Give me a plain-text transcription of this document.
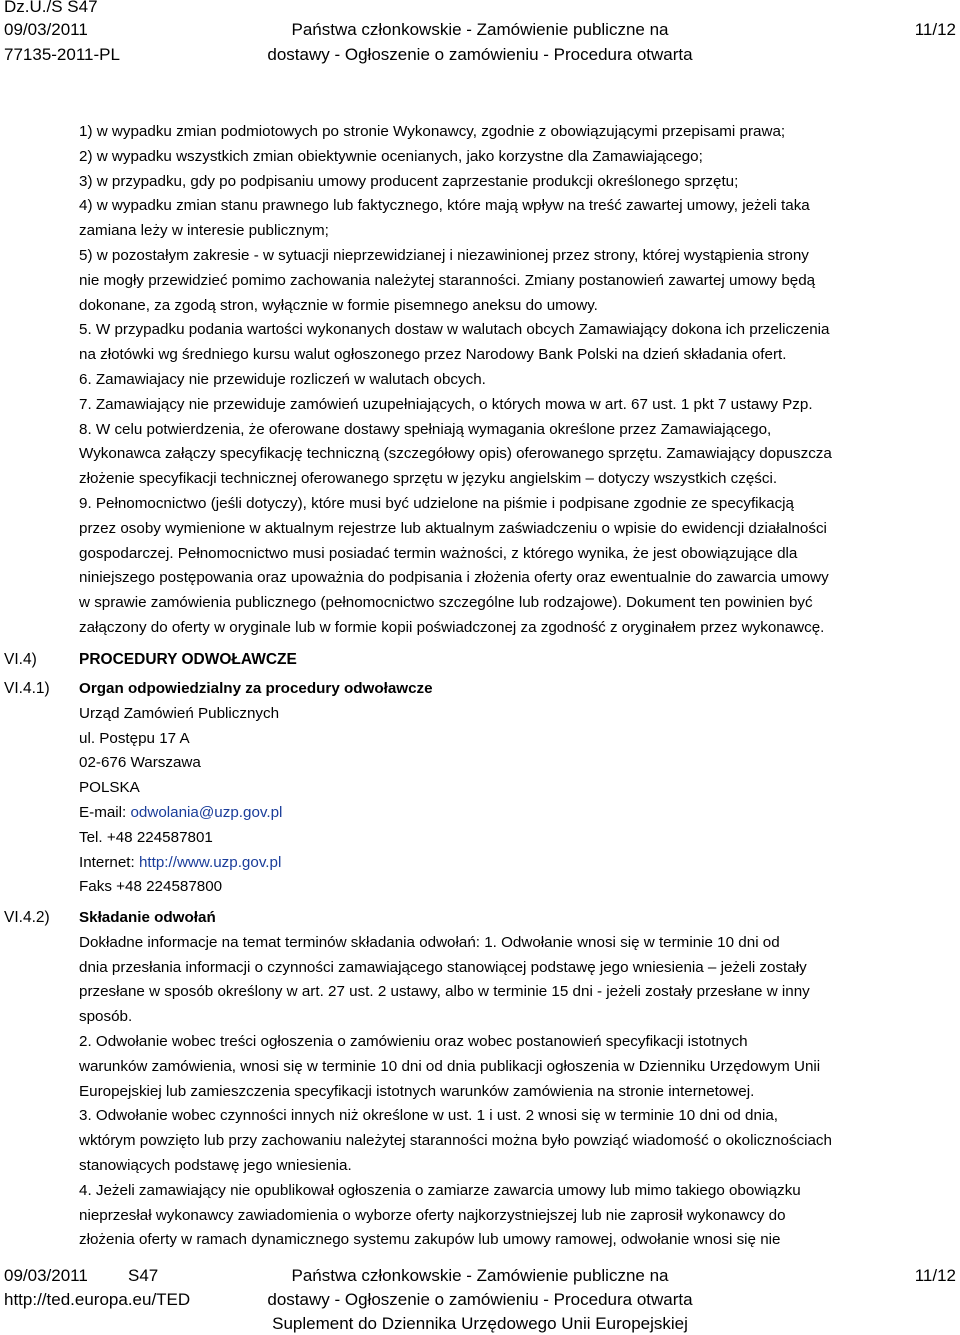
Dz.U./S S47
09/03/2011
77135-2011-PL
Państwa członkowskie - Zamówienie publiczne na
dostawy - Ogłoszenie o zamówieniu - Procedura otwarta
11/12
1) w wypadku zmian podmiotowych po stronie Wykonawcy, zgodnie z obowiązującymi przepisami prawa;
2) w wypadku wszystkich zmian obiektywnie ocenianych, jako korzystne dla Zamawiającego;
3) w przypadku, gdy po podpisaniu umowy producent zaprzestanie produkcji określonego sprzętu;
4) w wypadku zmian stanu prawnego lub faktycznego, które mają wpływ na treść zawartej umowy, jeżeli taka
zamiana leży w interesie publicznym;
5) w pozostałym zakresie - w sytuacji nieprzewidzianej i niezawinionej przez strony, której wystąpienia strony
nie mogły przewidzieć pomimo zachowania należytej staranności. Zmiany postanowień zawartej umowy będą
dokonane, za zgodą stron, wyłącznie w formie pisemnego aneksu do umowy.
5. W przypadku podania wartości wykonanych dostaw w walutach obcych Zamawiający dokona ich przeliczenia
na złotówki wg średniego kursu walut ogłoszonego przez Narodowy Bank Polski na dzień składania ofert.
6. Zamawiajacy nie przewiduje rozliczeń w walutach obcych.
7. Zamawiający nie przewiduje zamówień uzupełniających, o których mowa w art. 67 ust. 1 pkt 7 ustawy Pzp.
8. W celu potwierdzenia, że oferowane dostawy spełniają wymagania określone przez Zamawiającego,
Wykonawca załączy specyfikację techniczną (szczegółowy opis) oferowanego sprzętu. Zamawiający dopuszcza
złożenie specyfikacji technicznej oferowanego sprzętu w języku angielskim – dotyczy wszystkich części.
9. Pełnomocnictwo (jeśli dotyczy), które musi być udzielone na piśmie i podpisane zgodnie ze specyfikacją
przez osoby wymienione w aktualnym rejestrze lub aktualnym zaświadczeniu o wpisie do ewidencji działalności
gospodarczej. Pełnomocnictwo musi posiadać termin ważności, z którego wynika, że jest obowiązujące dla
niniejszego postępowania oraz upoważnia do podpisania i złożenia oferty oraz ewentualnie do zawarcia umowy
w sprawie zamówienia publicznego (pełnomocnictwo szczególne lub rodzajowe). Dokument ten powinien być
załączony do oferty w oryginale lub w formie kopii poświadczonej za zgodność z oryginałem przez wykonawcę.
VI.4)	PROCEDURY ODWOŁAWCZE
VI.4.1) Organ odpowiedzialny za procedury odwoławcze
Urząd Zamówień Publicznych
ul. Postępu 17 A
02-676 Warszawa
POLSKA
E-mail: odwolania@uzp.gov.pl
Tel. +48 224587801
Internet: http://www.uzp.gov.pl
Faks +48 224587800
VI.4.2) Składanie odwołań
Dokładne informacje na temat terminów składania odwołań: 1. Odwołanie wnosi się w terminie 10 dni od
dnia przesłania informacji o czynności zamawiającego stanowiącej podstawę jego wniesienia – jeżeli zostały
przesłane w sposób określony w art. 27 ust. 2 ustawy, albo w terminie 15 dni - jeżeli zostały przesłane w inny
sposób.
2. Odwołanie wobec treści ogłoszenia o zamówieniu oraz wobec postanowień specyfikacji istotnych
warunków zamówienia, wnosi się w terminie 10 dni od dnia publikacji ogłoszenia w Dzienniku Urzędowym Unii
Europejskiej lub zamieszczenia specyfikacji istotnych warunków zamówienia na stronie internetowej.
3. Odwołanie wobec czynności innych niż określone w ust. 1 i ust. 2 wnosi się w terminie 10 dni od dnia,
wktórym powzięto lub przy zachowaniu należytej staranności można było powziąć wiadomość o okolicznościach
stanowiących podstawę jego wniesienia.
4. Jeżeli zamawiający nie opublikował ogłoszenia o zamiarze zawarcia umowy lub mimo takiego obowiązku
nieprzesłał wykonawcy zawiadomienia o wyborze oferty najkorzystniejszej lub nie zaprosił wykonawcy do
złożenia oferty w ramach dynamicznego systemu zakupów lub umowy ramowej, odwołanie wnosi się nie
09/03/2011 S47
http://ted.europa.eu/TED
Państwa członkowskie - Zamówienie publiczne na
dostawy - Ogłoszenie o zamówieniu - Procedura otwarta
Suplement do Dziennika Urzędowego Unii Europejskiej
11/12
